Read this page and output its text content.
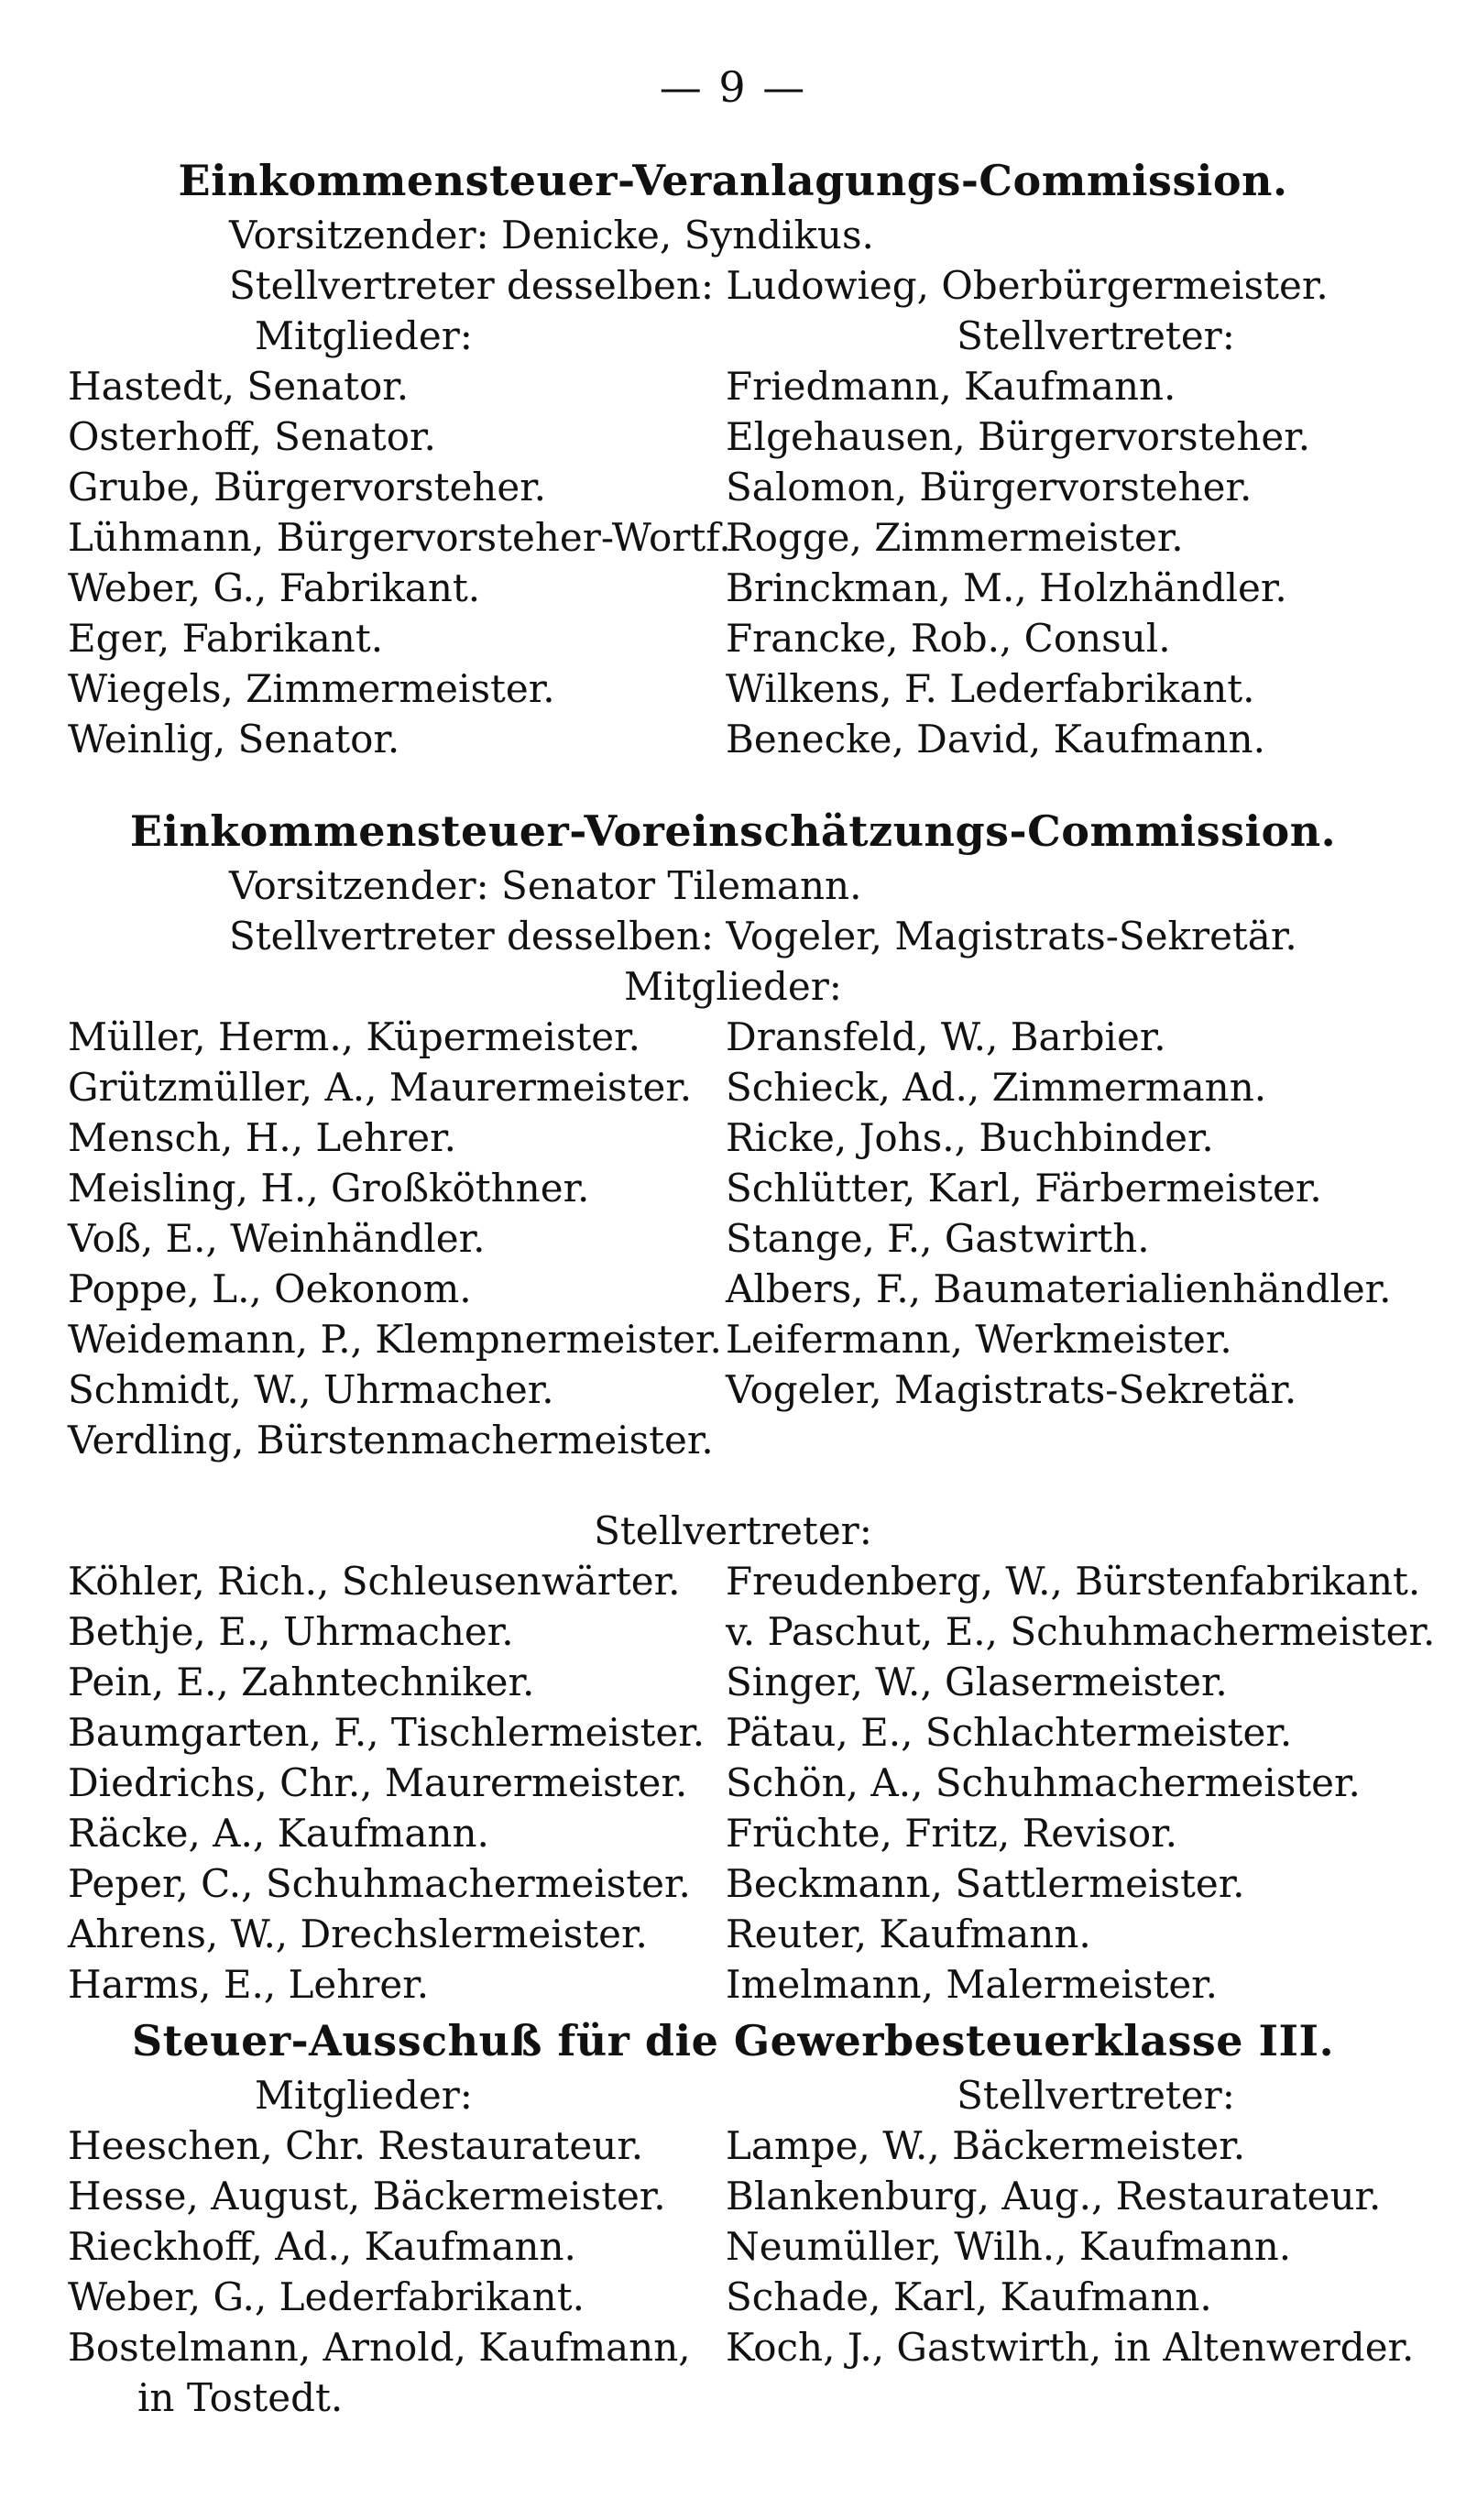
— 9 —
Einkommensteuer-Veranlagungs-Commission.
Vorsitzender: Denicke, Syndikus.
Stellvertreter desselben: Ludowieg, Oberbürgermeister.
Mitglieder:
Hastedt, Senator.
Osterhoff, Senator.
Grube, Bürgervorsteher.
Lühmann, Bürgervorsteher-Wortf.
Weber, G., Fabrikant.
Eger, Fabrikant.
Wiegels, Zimmermeister.
Weinlig, Senator.
Stellvertreter:
Friedmann, Kaufmann.
Elgehausen, Bürgervorsteher.
Salomon, Bürgervorsteher.
Rogge, Zimmermeister.
Brinckman, M., Holzhändler.
Francke, Rob., Consul.
Wilkens, F. Lederfabrikant.
Benecke, David, Kaufmann.
Einkommensteuer-Voreinschätzungs-Commission.
Vorsitzender: Senator Tilemann.
Stellvertreter desselben: Vogeler, Magistrats-Sekretär.
Mitglieder:
Müller, Herm., Küpermeister.
Grützmüller, A., Maurermeister.
Mensch, H., Lehrer.
Meisling, H., Großköthner.
Voß, E., Weinhändler.
Poppe, L., Oekonom.
Weidemann, P., Klempnermeister.
Schmidt, W., Uhrmacher.
Verdling, Bürstenmachermeister.
Dransfeld, W., Barbier.
Schieck, Ad., Zimmermann.
Ricke, Johs., Buchbinder.
Schlütter, Karl, Färbermeister.
Stange, F., Gastwirth.
Albers, F., Baumaterialienhändler.
Leifermann, Werkmeister.
Vogeler, Magistrats-Sekretär.
Stellvertreter:
Köhler, Rich., Schleusenwärter.
Bethje, E., Uhrmacher.
Pein, E., Zahntechniker.
Baumgarten, F., Tischlermeister.
Diedrichs, Chr., Maurermeister.
Räcke, A., Kaufmann.
Peper, C., Schuhmachermeister.
Ahrens, W., Drechslermeister.
Harms, E., Lehrer.
Freudenberg, W., Bürstenfabrikant.
v. Paschut, E., Schuhmachermeister.
Singer, W., Glasermeister.
Pätau, E., Schlachtermeister.
Schön, A., Schuhmachermeister.
Früchte, Fritz, Revisor.
Beckmann, Sattlermeister.
Reuter, Kaufmann.
Imelmann, Malermeister.
Steuer-Ausschuß für die Gewerbesteuerklasse III.
Mitglieder:
Heeschen, Chr. Restaurateur.
Hesse, August, Bäckermeister.
Rieckhoff, Ad., Kaufmann.
Weber, G., Lederfabrikant.
Bostelmann, Arnold, Kaufmann,
in Tostedt.
Stellvertreter:
Lampe, W., Bäckermeister.
Blankenburg, Aug., Restaurateur.
Neumüller, Wilh., Kaufmann.
Schade, Karl, Kaufmann.
Koch, J., Gastwirth, in Altenwerder.
